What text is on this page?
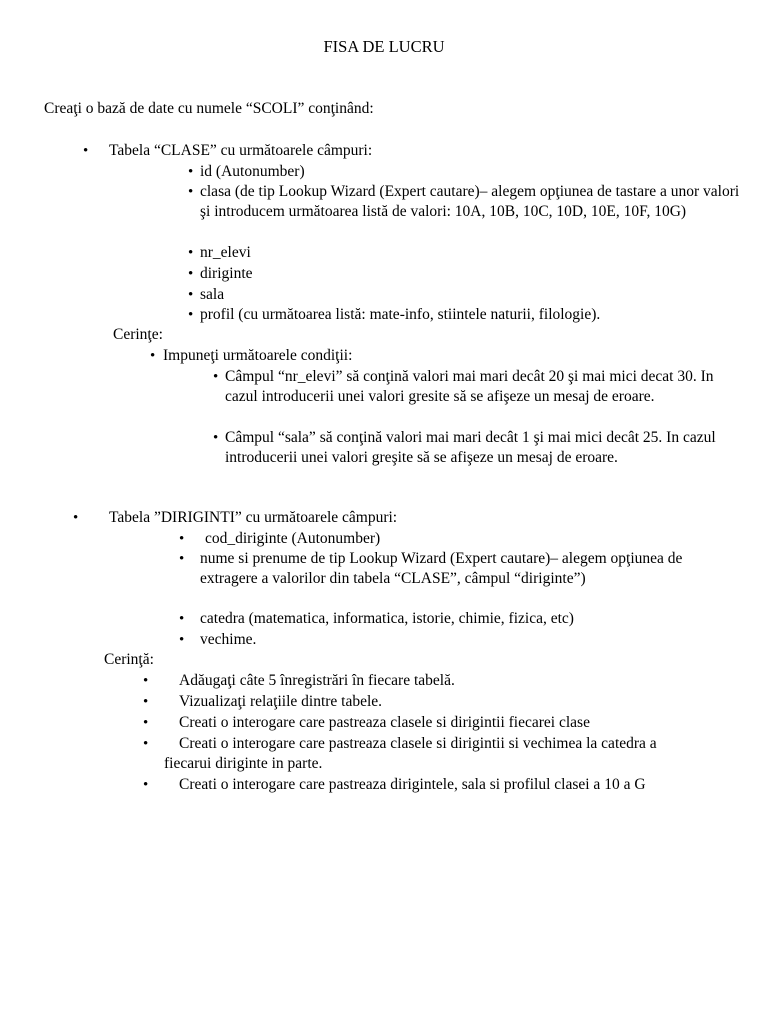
FISA DE LUCRU
Creaţi o bază de date cu numele “SCOLI” conţinând:
• Tabela “CLASE” cu următoarele câmpuri:
• id (Autonumber)
• clasa (de tip Lookup Wizard (Expert cautare)– alegem opţiunea de tastare a unor valori şi introducem următoarea listă de valori: 10A, 10B, 10C, 10D, 10E, 10F, 10G)
• nr_elevi
• diriginte
• sala
• profil (cu următoarea listă: mate-info, stiintele naturii, filologie).
Cerinţe:
• Impuneţi următoarele condiţii:
• Câmpul “nr_elevi” să conţină valori mai mari decât 20 şi mai mici decat 30. In cazul introducerii unei valori gresite să se afişeze un mesaj de eroare.
• Câmpul “sala” să conţină valori mai mari decât 1 şi mai mici decât 25. In cazul introducerii unei valori greşite să se afişeze un mesaj de eroare.
• Tabela ”DIRIGINTI” cu următoarele câmpuri:
• cod_diriginte (Autonumber)
• nume si prenume de tip Lookup Wizard (Expert cautare)– alegem opţiunea de extragere a valorilor din tabela “CLASE”, câmpul “diriginte”)
• catedra (matematica, informatica, istorie, chimie, fizica, etc)
• vechime.
Cerinţă:
• Adăugaţi câte 5 înregistrări în fiecare tabelă.
• Vizualizaţi relaţiile dintre tabele.
• Creati o interogare care pastreaza clasele si dirigintii fiecarei clase
•	Creati o interogare care pastreaza clasele si dirigintii si vechimea la catedra a fiecarui diriginte in parte.
• Creati o interogare care pastreaza dirigintele, sala si profilul clasei a 10 a G
